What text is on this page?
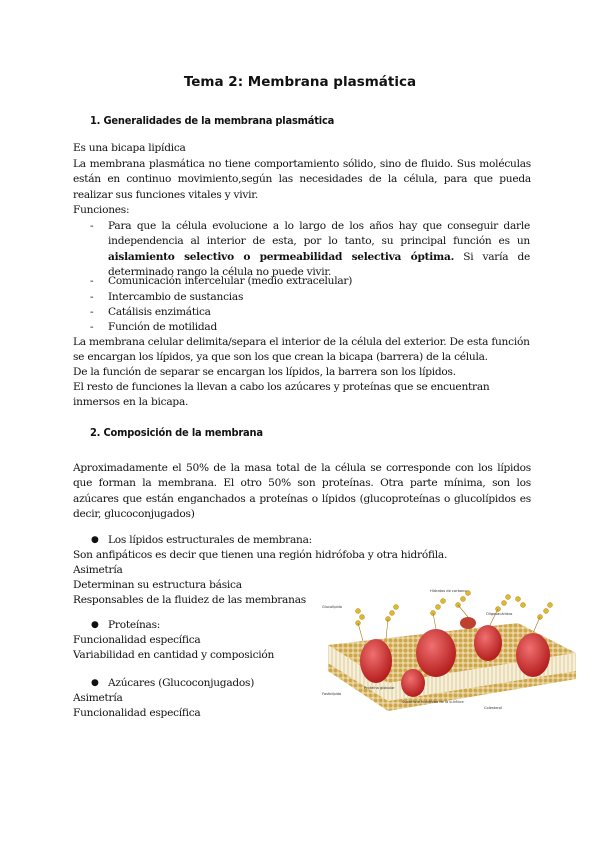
Tema 2: Membrana plasmática
1. Generalidades de la membrana plasmática

Es una bicapa lipídica

La membrana plasmática no tiene comportamiento sólido, sino de fluido. Sus moléculas están en continuo movimiento,según las necesidades de la célula, para que pueda realizar sus funciones vitales y vivir.

Funciones:

- Para que la célula evolucione a lo largo de los años hay que conseguir darle independencia al interior de esta, por lo tanto, su principal función es un aislamiento selectivo o permeabilidad selectiva óptima. Si varía de determinado rango la célula no puede vivir.
- Comunicación intercelular (medio extracelular)
- Intercambio de sustancias
- Catálisis enzimática
- Función de motilidad

La membrana celular delimita/separa el interior de la célula del exterior. De esta función se encargan los lípidos, ya que son los que crean la bicapa (barrera) de la célula.

De la función de separar se encargan los lípidos, la barrera son los lípidos.

El resto de funciones la llevan a cabo los azúcares y proteínas que se encuentran inmersos en la bicapa.

2. Composición de la membrana

Aproximadamente el 50% de la masa total de la célula se corresponde con los lípidos que forman la membrana. El otro 50% son proteínas. Otra parte mínima, son los azúcares que están enganchados a proteínas o lípidos (glucoproteínas o glucolípidos es decir, glucoconjugados)

● Los lípidos estructurales de membrana:

Son anfipáticos es decir que tienen una región hidrófoba y otra hidrófila.

Asimetría

Determinan su estructura básica

Responsables de la fluidez de las membranas

● Proteínas:

Funcionalidad específica

Variabilidad en cantidad y composición

● Azúcares (Glucoconjugados)

Asimetría

Funcionalidad específica

Glucolípido
Hidratos de carbono
Oligosacáridos
Proteína globular
Fosfolípido
Superficie hidrófoba de la α-hélice
Colesterol
